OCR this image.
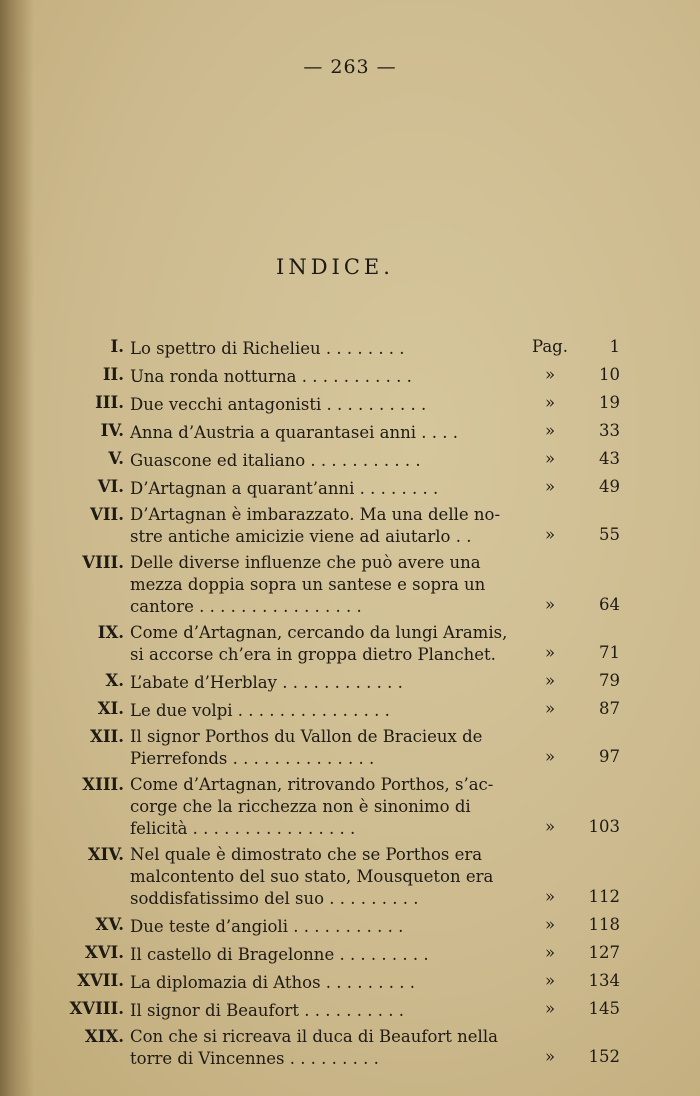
— 263 —
INDICE.
I. Lo spettro di Richelieu . . . . . . . .	Pag.	1
II. Una ronda notturna . . . . . . . . . . .	»	10
III. Due vecchi antagonisti . . . . . . . . . .	»	19
IV. Anna d’Austria a quarantasei anni . . . .	»	33
V. Guascone ed italiano . . . . . . . . . . .	»	43
VI. D’Artagnan a quarant’anni . . . . . . . .	»	49
VII. D’Artagnan è imbarazzato. Ma una delle no-
stre antiche amicizie viene ad aiutarlo . .	»	55
VIII. Delle diverse influenze che può avere una
mezza doppia sopra un santese e sopra un
cantore . . . . . . . . . . . . . . . .	»	64
IX. Come d’Artagnan, cercando da lungi Aramis,
si accorse ch’era in groppa dietro Planchet.	»	71
X. L’abate d’Herblay . . . . . . . . . . . .	»	79
XI. Le due volpi . . . . . . . . . . . . . . .	»	87
XII. Il signor Porthos du Vallon de Bracieux de
Pierrefonds . . . . . . . . . . . . . .	»	97
XIII. Come d’Artagnan, ritrovando Porthos, s’ac-
corge che la ricchezza non è sinonimo di
felicità . . . . . . . . . . . . . . . .	»	103
XIV. Nel quale è dimostrato che se Porthos era
malcontento del suo stato, Mousqueton era
soddisfatissimo del suo . . . . . . . . .	»	112
XV. Due teste d’angioli . . . . . . . . . . .	»	118
XVI. Il castello di Bragelonne . . . . . . . . .	»	127
XVII. La diplomazia di Athos . . . . . . . . .	»	134
XVIII. Il signor di Beaufort . . . . . . . . . .	»	145
XIX. Con che si ricreava il duca di Beaufort nella
torre di Vincennes . . . . . . . . .	»	152
